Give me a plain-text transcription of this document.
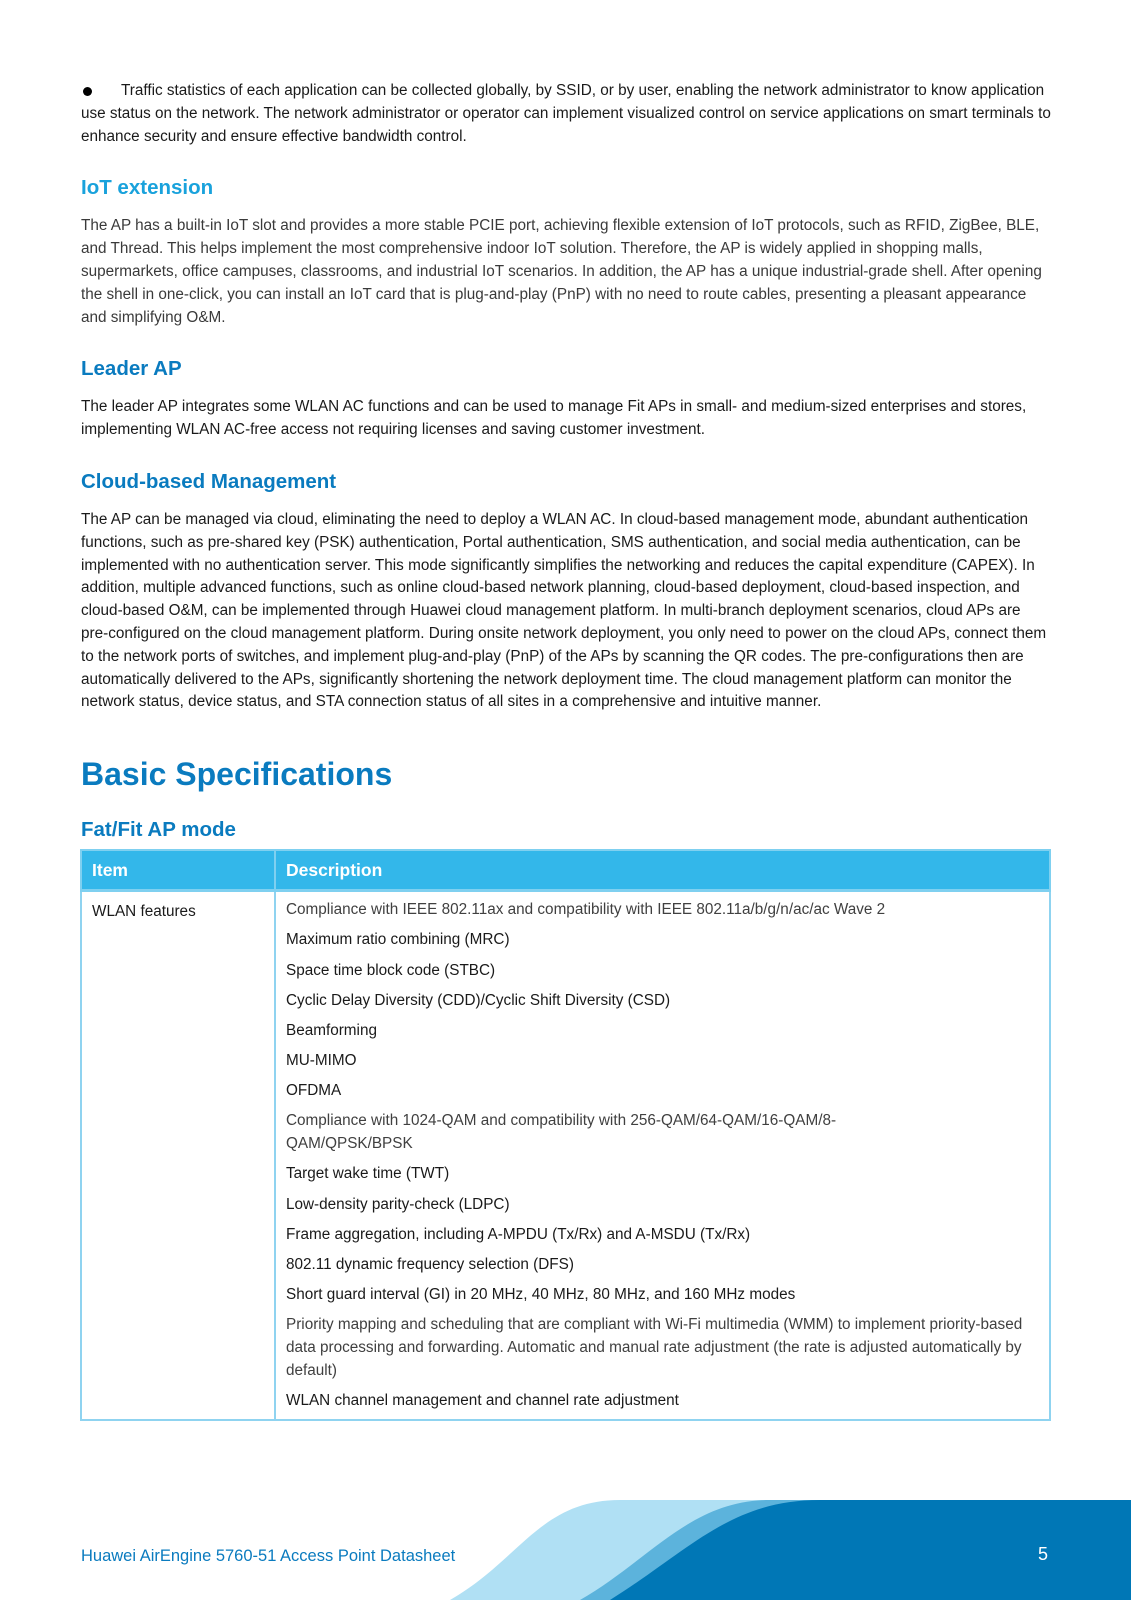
Traffic statistics of each application can be collected globally, by SSID, or by user, enabling the network administrator to know application use status on the network. The network administrator or operator can implement visualized control on service applications on smart terminals to enhance security and ensure effective bandwidth control.

IoT extension

The AP has a built-in IoT slot and provides a more stable PCIE port, achieving flexible extension of IoT protocols, such as RFID, ZigBee, BLE, and Thread. This helps implement the most comprehensive indoor IoT solution. Therefore, the AP is widely applied in shopping malls, supermarkets, office campuses, classrooms, and industrial IoT scenarios. In addition, the AP has a unique industrial-grade shell. After opening the shell in one-click, you can install an IoT card that is plug-and-play (PnP) with no need to route cables, presenting a pleasant appearance and simplifying O&M.

Leader AP

The leader AP integrates some WLAN AC functions and can be used to manage Fit APs in small- and medium-sized enterprises and stores, implementing WLAN AC-free access not requiring licenses and saving customer investment.

Cloud-based Management

The AP can be managed via cloud, eliminating the need to deploy a WLAN AC. In cloud-based management mode, abundant authentication functions, such as pre-shared key (PSK) authentication, Portal authentication, SMS authentication, and social media authentication, can be implemented with no authentication server. This mode significantly simplifies the networking and reduces the capital expenditure (CAPEX). In addition, multiple advanced functions, such as online cloud-based network planning, cloud-based deployment, cloud-based inspection, and cloud-based O&M, can be implemented through Huawei cloud management platform. In multi-branch deployment scenarios, cloud APs are pre-configured on the cloud management platform. During onsite network deployment, you only need to power on the cloud APs, connect them to the network ports of switches, and implement plug-and-play (PnP) of the APs by scanning the QR codes. The pre-configurations then are automatically delivered to the APs, significantly shortening the network deployment time. The cloud management platform can monitor the network status, device status, and STA connection status of all sites in a comprehensive and intuitive manner.

Basic Specifications
Fat/Fit AP mode
Item	Description
WLAN features	Compliance with IEEE 802.11ax and compatibility with IEEE 802.11a/b/g/n/ac/ac Wave 2
Maximum ratio combining (MRC)
Space time block code (STBC)
Cyclic Delay Diversity (CDD)/Cyclic Shift Diversity (CSD)
Beamforming
MU-MIMO
OFDMA
Compliance with 1024-QAM and compatibility with 256-QAM/64-QAM/16-QAM/8-QAM/QPSK/BPSK
Target wake time (TWT)
Low-density parity-check (LDPC)
Frame aggregation, including A-MPDU (Tx/Rx) and A-MSDU (Tx/Rx)
802.11 dynamic frequency selection (DFS)
Short guard interval (GI) in 20 MHz, 40 MHz, 80 MHz, and 160 MHz modes
Priority mapping and scheduling that are compliant with Wi-Fi multimedia (WMM) to implement priority-based data processing and forwarding. Automatic and manual rate adjustment (the rate is adjusted automatically by default)
WLAN channel management and channel rate adjustment
Huawei AirEngine 5760-51 Access Point Datasheet	5
